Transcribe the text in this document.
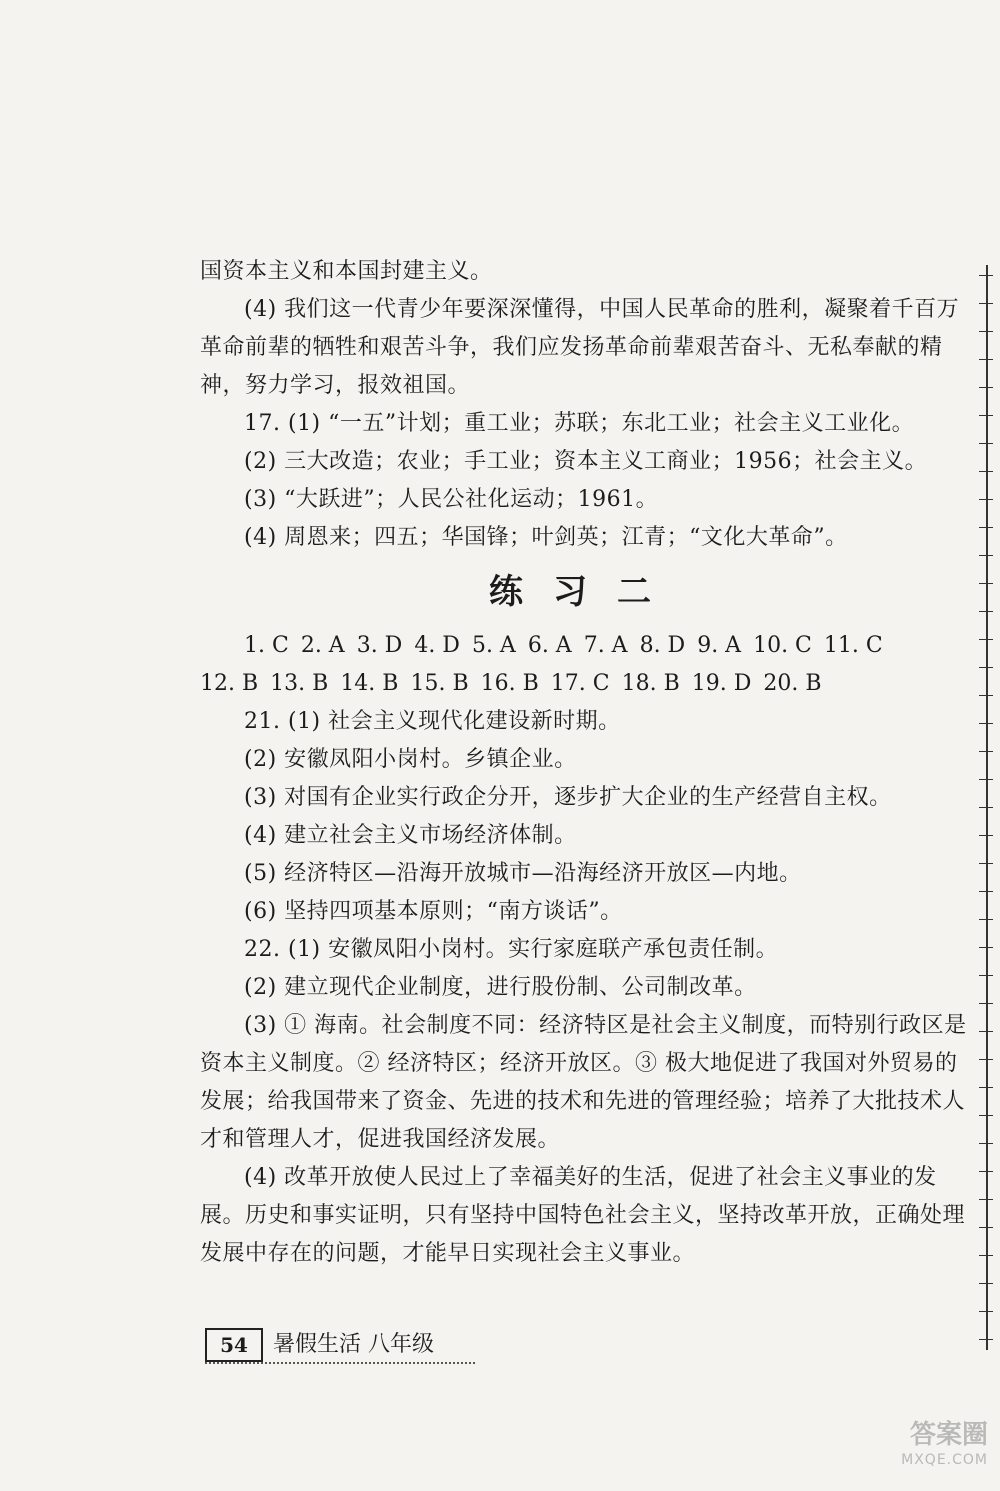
国资本主义和本国封建主义。

(4) 我们这一代青少年要深深懂得，中国人民革命的胜利，凝聚着千百万革命前辈的牺牲和艰苦斗争，我们应发扬革命前辈艰苦奋斗、无私奉献的精神，努力学习，报效祖国。

17. (1) “一五”计划；重工业；苏联；东北工业；社会主义工业化。

(2) 三大改造；农业；手工业；资本主义工商业；1956；社会主义。

(3) “大跃进”；人民公社化运动；1961。

(4) 周恩来；四五；华国锋；叶剑英；江青；“文化大革命”。

练习二
1. C 2. A 3. D 4. D 5. A 6. A 7. A 8. D 9. A 10. C 11. C
12. B 13. B 14. B 15. B 16. B 17. C 18. B 19. D 20. B

21. (1) 社会主义现代化建设新时期。

(2) 安徽凤阳小岗村。乡镇企业。

(3) 对国有企业实行政企分开，逐步扩大企业的生产经营自主权。

(4) 建立社会主义市场经济体制。

(5) 经济特区—沿海开放城市—沿海经济开放区—内地。

(6) 坚持四项基本原则；“南方谈话”。

22. (1) 安徽凤阳小岗村。实行家庭联产承包责任制。

(2) 建立现代企业制度，进行股份制、公司制改革。

(3) ① 海南。社会制度不同：经济特区是社会主义制度，而特别行政区是资本主义制度。② 经济特区；经济开放区。③ 极大地促进了我国对外贸易的发展；给我国带来了资金、先进的技术和先进的管理经验；培养了大批技术人才和管理人才，促进我国经济发展。

(4) 改革开放使人民过上了幸福美好的生活，促进了社会主义事业的发展。历史和事实证明，只有坚持中国特色社会主义，坚持改革开放，正确处理发展中存在的问题，才能早日实现社会主义事业。

54	暑假生活 八年级
答案圈
MXQE.COM
